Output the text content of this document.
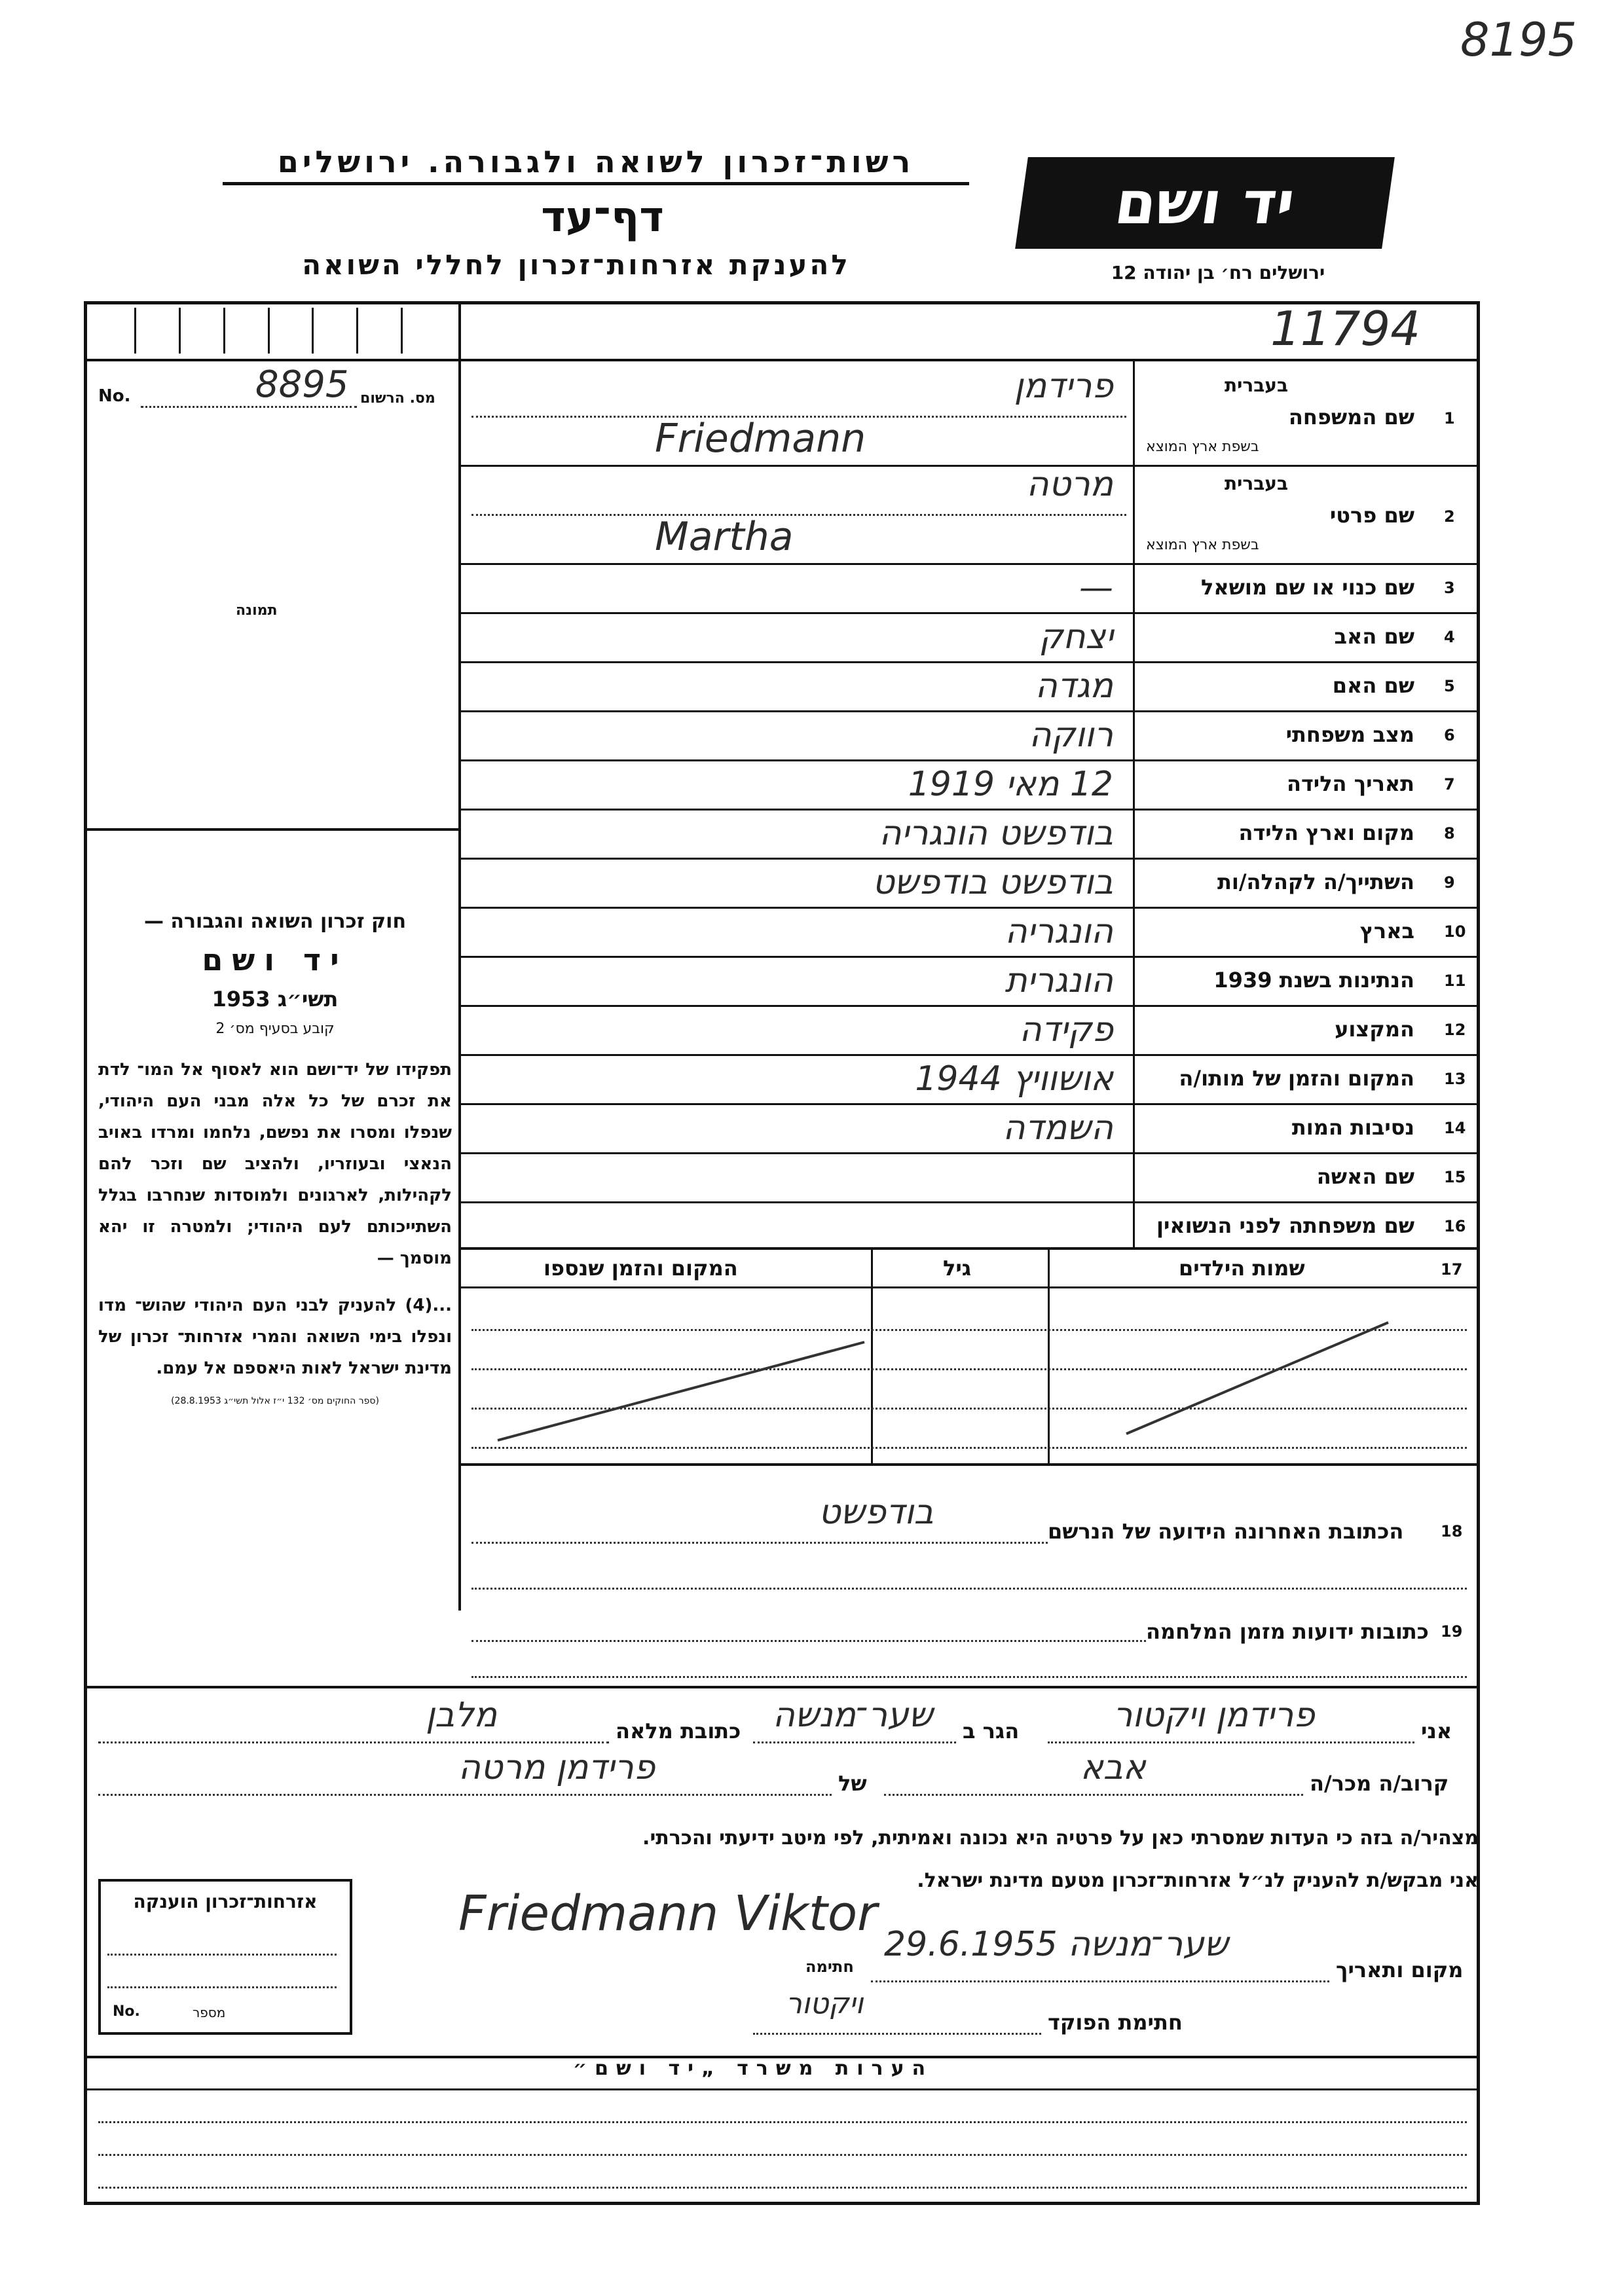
8195
רשות־זכרון לשואה ולגבורה. ירושלים
דף־עד
להענקת אזרחות־זכרון לחללי השואה
יד ושם
ירושלים רח׳ בן יהודה 12
11794
No.	8895 מס. הרשום
תמונה

חוק זכרון השואה והגבורה —

יד ושם

תשי״ג 1953

קובע בסעיף מס׳ 2

תפקידו של יד־ושם הוא לאסוף אל המו־ לדת את זכרם של כל אלה מבני העם היהודי, שנפלו ומסרו את נפשם, נלחמו ומרדו באויב הנאצי ובעוזריו, ולהציב שם וזכר להם לקהילות, לארגונים ולמוסדות שנחרבו בגלל השתייכותם לעם היהודי; ולמטרה זו יהא מוסמך —

...(4) להעניק לבני העם היהודי שהוש־ מדו ונפלו בימי השואה והמרי אזרחות־ זכרון של מדינת ישראל לאות היאספם אל עמם.

(ספר החוקים מס׳ 132 י״ז אלול תשי״ג 28.8.1953)

1
שם המשפחה
בעברית
בשפת ארץ המוצא
פרידמן
Friedmann
2
שם פרטי
בעברית
בשפת ארץ המוצא
מרטה
Martha
3
שם כנוי או שם מושאל
—
4
שם האב
יצחק
5
שם האם
מגדה
6
מצב משפחתי
רווקה
7
תאריך הלידה
12 מאי 1919
8
מקום וארץ הלידה
בודפשט הונגריה
9
השתייך/ה לקהלה/ות
בודפשט בודפשט
10
בארץ
הונגריה
11
הנתינות בשנת 1939
הונגרית
12
המקצוע
פקידה
13
המקום והזמן של מותו/ה
אושוויץ 1944
14
נסיבות המות
השמדה
15
שם האשה
16
שם משפחתה לפני הנשואין
17
שמות הילדים
גיל
המקום והזמן שנספו
18
הכתובת האחרונה הידועה של הנרשם
בודפשט
19
כתובות ידועות מזמן המלחמה
אני
פרידמן ויקטור
הגר ב
שער־מנשה
כתובת מלאה
מלבן
קרוב/ה מכר/ה
אבא
של
פרידמן מרטה
מצהיר/ה בזה כי העדות שמסרתי כאן על פרטיה היא נכונה ואמיתית, לפי מיטב ידיעתי והכרתי.
אני מבקש/ת להעניק לנ״ל אזרחות־זכרון מטעם מדינת ישראל.
מקום ותאריך
שער־מנשה 29.6.1955
חתימה
Friedmann Viktor
חתימת הפוקד
ויקטור
אזרחות־זכרון הוענקה
No.	מספר
הערות משרד „יד ושם״
